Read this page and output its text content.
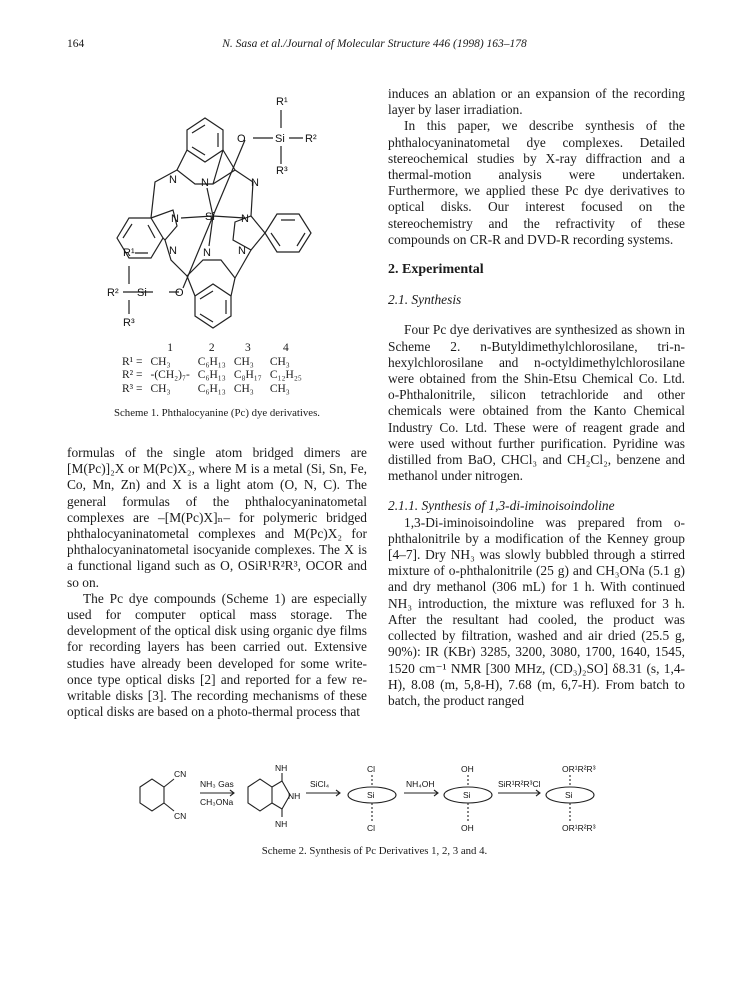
164	N. Sasa et al./Journal of Molecular Structure 446 (1998) 163–178
R¹
O	Si R²
R³
N N	N
N Si N
N N N
R¹
R² Si	O
R³
	1	2	3	4
R¹ =	CH₃	C₆H₁₃	CH₃	CH₃
R² =	-(CH₂)₇-	C₆H₁₃	C₈H₁₇	C₁₂H₂₅
R³ =	CH₃	C₆H₁₃	CH₃	CH₃
Scheme 1. Phthalocyanine (Pc) dye derivatives.

formulas of the single atom bridged dimers are [M(Pc)]₂X or M(Pc)X₂, where M is a metal (Si, Sn, Fe, Co, Mn, Zn) and X is a light atom (O, N, C). The general formulas of the phthalocyaninatometal complexes are –[M(Pc)X]ₙ– for polymeric bridged phthalocyaninatometal complexes and M(Pc)X₂ for phthalocyaninatometal isocyanide complexes. The X is a functional ligand such as O, OSiR¹R²R³, OCOR and so on.

The Pc dye compounds (Scheme 1) are especially used for computer optical mass storage. The development of the optical disk using organic dye films for recording layers has been carried out. Extensive studies have already been developed for some write-once type optical disks [2] and reported for a few re-writable disks [3]. The recording mechanisms of these optical disks are based on a photo-thermal process that

induces an ablation or an expansion of the recording layer by laser irradiation.

In this paper, we describe synthesis of the phthalocyaninatometal dye complexes. Detailed stereochemical studies by X-ray diffraction and a thermal-motion analysis were undertaken. Furthermore, we applied these Pc dye derivatives to optical disks. Our interest focused on the stereochemistry and the refractivity of these compounds on CR-R and DVD-R recording systems.

2. Experimental

2.1. Synthesis

Four Pc dye derivatives are synthesized as shown in Scheme 2. n-Butyldimethylchlorosilane, tri-n-hexylchlorosilane and n-octyldimethylchlorosilane were obtained from the Shin-Etsu Chemical Co. Ltd. o-Phthalonitrile, silicon tetrachloride and other chemicals were obtained from the Kanto Chemical Industry Co. Ltd. These were of reagent grade and were used without further purification. Pyridine was distilled from BaO, CHCl₃ and CH₂Cl₂, benzene and methanol under nitrogen.

2.1.1. Synthesis of 1,3-di-iminoisoindoline

1,3-Di-iminoisoindoline was prepared from o-phthalonitrile by a modification of the Kenney group [4–7]. Dry NH₃ was slowly bubbled through a stirred mixture of o-phthalonitrile (25 g) and CH₃ONa (5.1 g) and dry methanol (306 mL) for 1 h. With continued NH₃ introduction, the mixture was refluxed for 3 h. After the resultant had cooled, the product was collected by filtration, washed and air dried (25.5 g, 90%): IR (KBr) 3285, 3200, 3080, 1700, 1640, 1545, 1520 cm⁻¹ NMR [300 MHz, (CD₃)₂SO] δ8.31 (s, 1,4-H), 8.08 (m, 5,8-H), 7.68 (m, 6,7-H). From batch to batch, the product ranged

CN
CN
NH₃ Gas
CH₃ONa
NH
NH
NH
SiCl₄
Cl
Si
Cl
NH₄OH
OH
Si
OH
SiR¹R²R³Cl
OR¹R²R³
Si
OR¹R²R³
Scheme 2. Synthesis of Pc Derivatives 1, 2, 3 and 4.
